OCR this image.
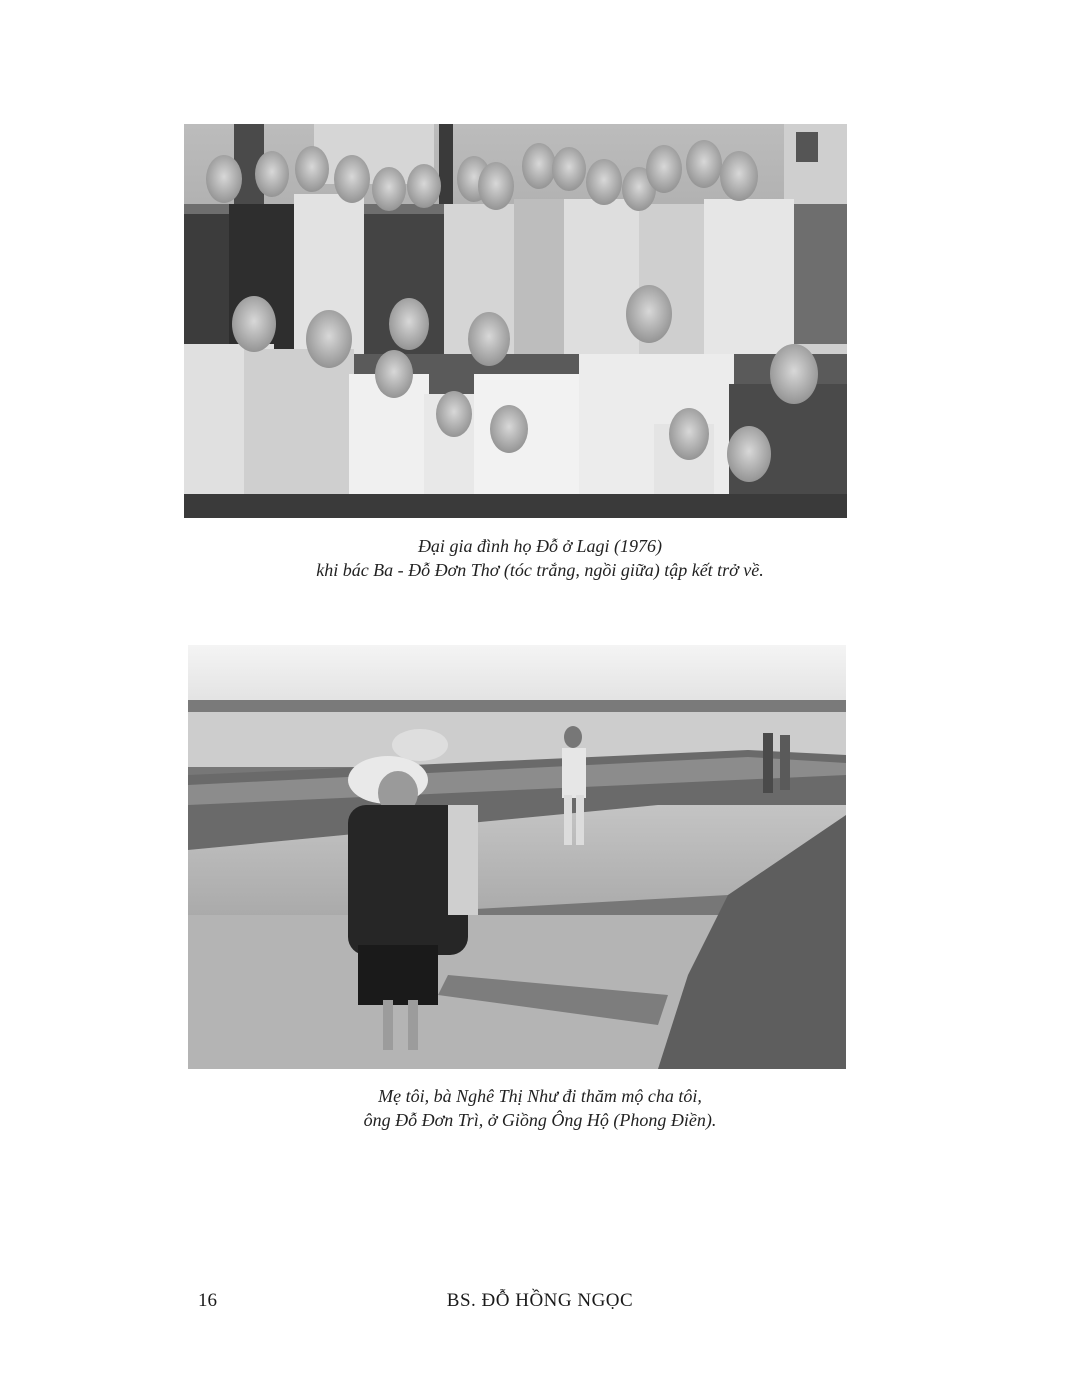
Đại gia đình họ Đỗ ở Lagi (1976)
khi bác Ba - Đỗ Đơn Thơ (tóc trắng, ngồi giữa) tập kết trở về.
Mẹ tôi, bà Nghê Thị Như đi thăm mộ cha tôi,
ông Đỗ Đơn Trì, ở Giồng Ông Hộ (Phong Điền).
16	BS. ĐỖ HỒNG NGỌC
